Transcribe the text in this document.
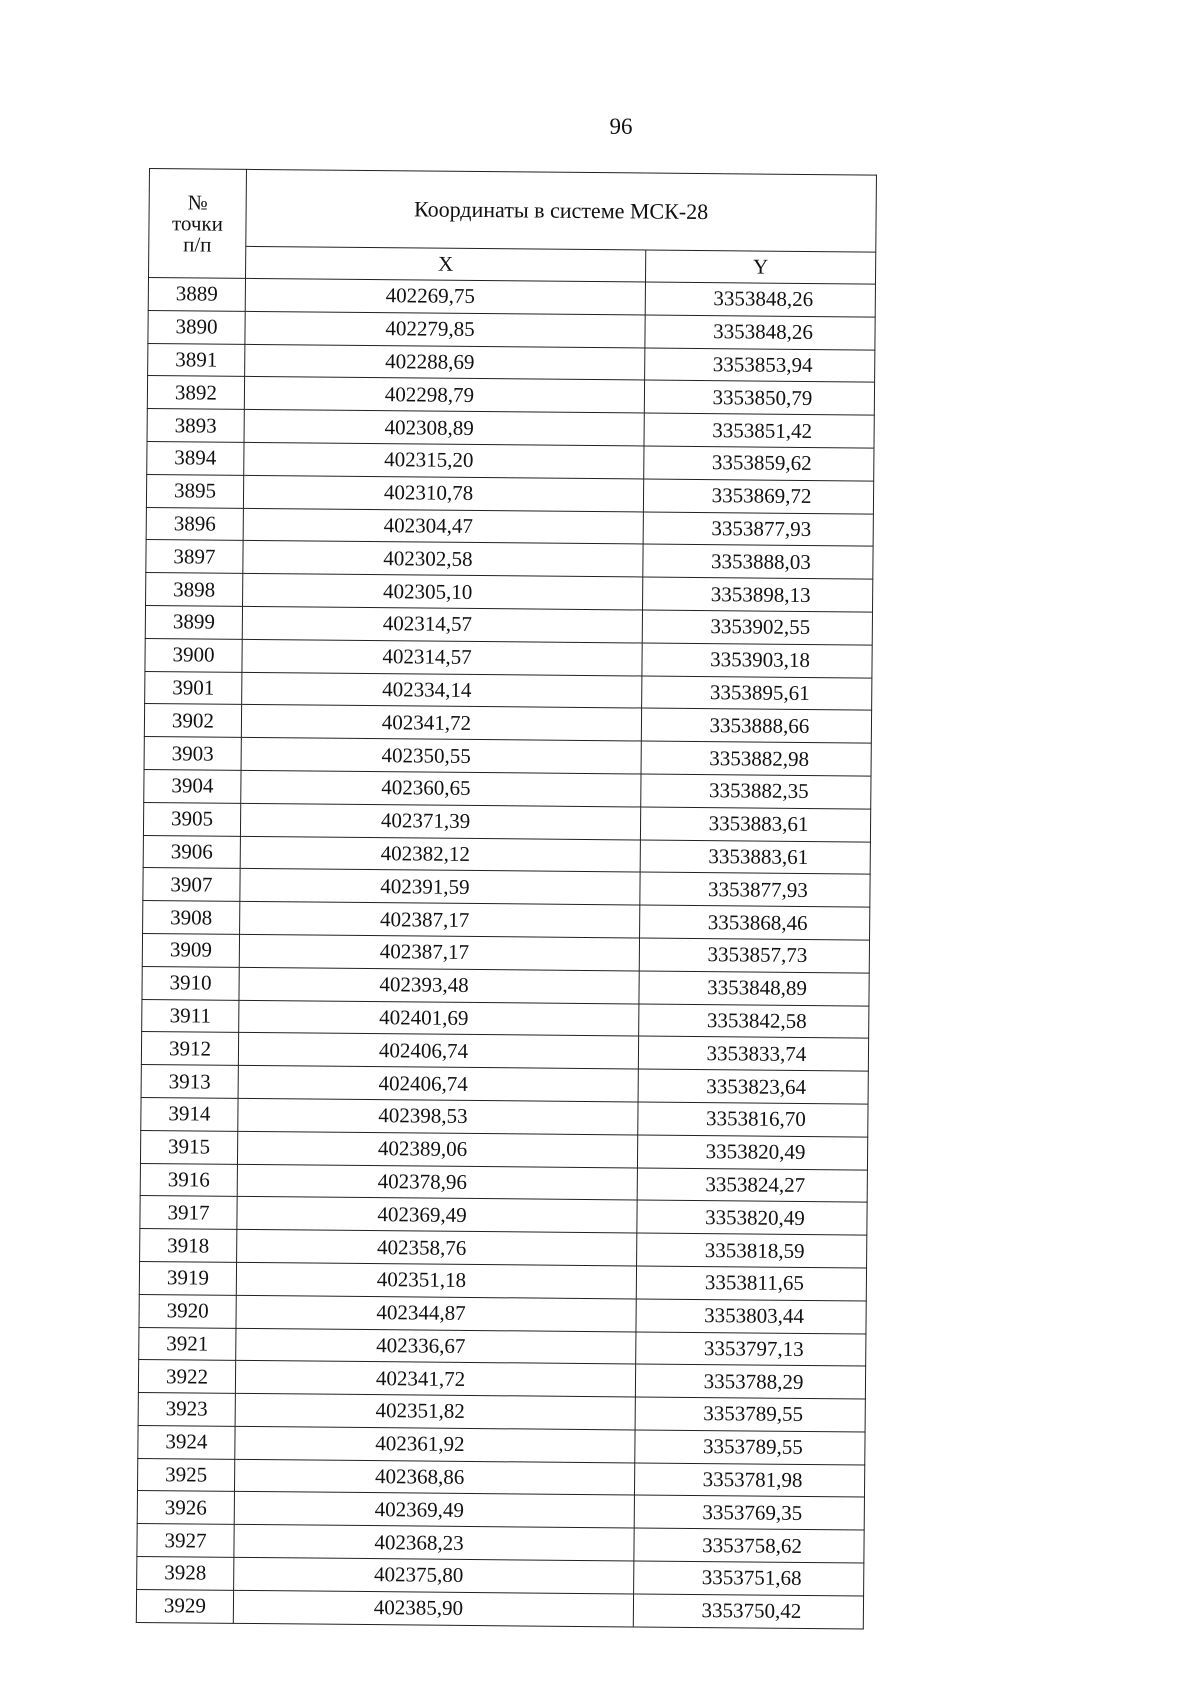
96
№
точки
п/п	Координаты в системе МСК-28	
	X	Y
3889	402269,75	3353848,26
3890	402279,85	3353848,26
3891	402288,69	3353853,94
3892	402298,79	3353850,79
3893	402308,89	3353851,42
3894	402315,20	3353859,62
3895	402310,78	3353869,72
3896	402304,47	3353877,93
3897	402302,58	3353888,03
3898	402305,10	3353898,13
3899	402314,57	3353902,55
3900	402314,57	3353903,18
3901	402334,14	3353895,61
3902	402341,72	3353888,66
3903	402350,55	3353882,98
3904	402360,65	3353882,35
3905	402371,39	3353883,61
3906	402382,12	3353883,61
3907	402391,59	3353877,93
3908	402387,17	3353868,46
3909	402387,17	3353857,73
3910	402393,48	3353848,89
3911	402401,69	3353842,58
3912	402406,74	3353833,74
3913	402406,74	3353823,64
3914	402398,53	3353816,70
3915	402389,06	3353820,49
3916	402378,96	3353824,27
3917	402369,49	3353820,49
3918	402358,76	3353818,59
3919	402351,18	3353811,65
3920	402344,87	3353803,44
3921	402336,67	3353797,13
3922	402341,72	3353788,29
3923	402351,82	3353789,55
3924	402361,92	3353789,55
3925	402368,86	3353781,98
3926	402369,49	3353769,35
3927	402368,23	3353758,62
3928	402375,80	3353751,68
3929	402385,90	3353750,42
